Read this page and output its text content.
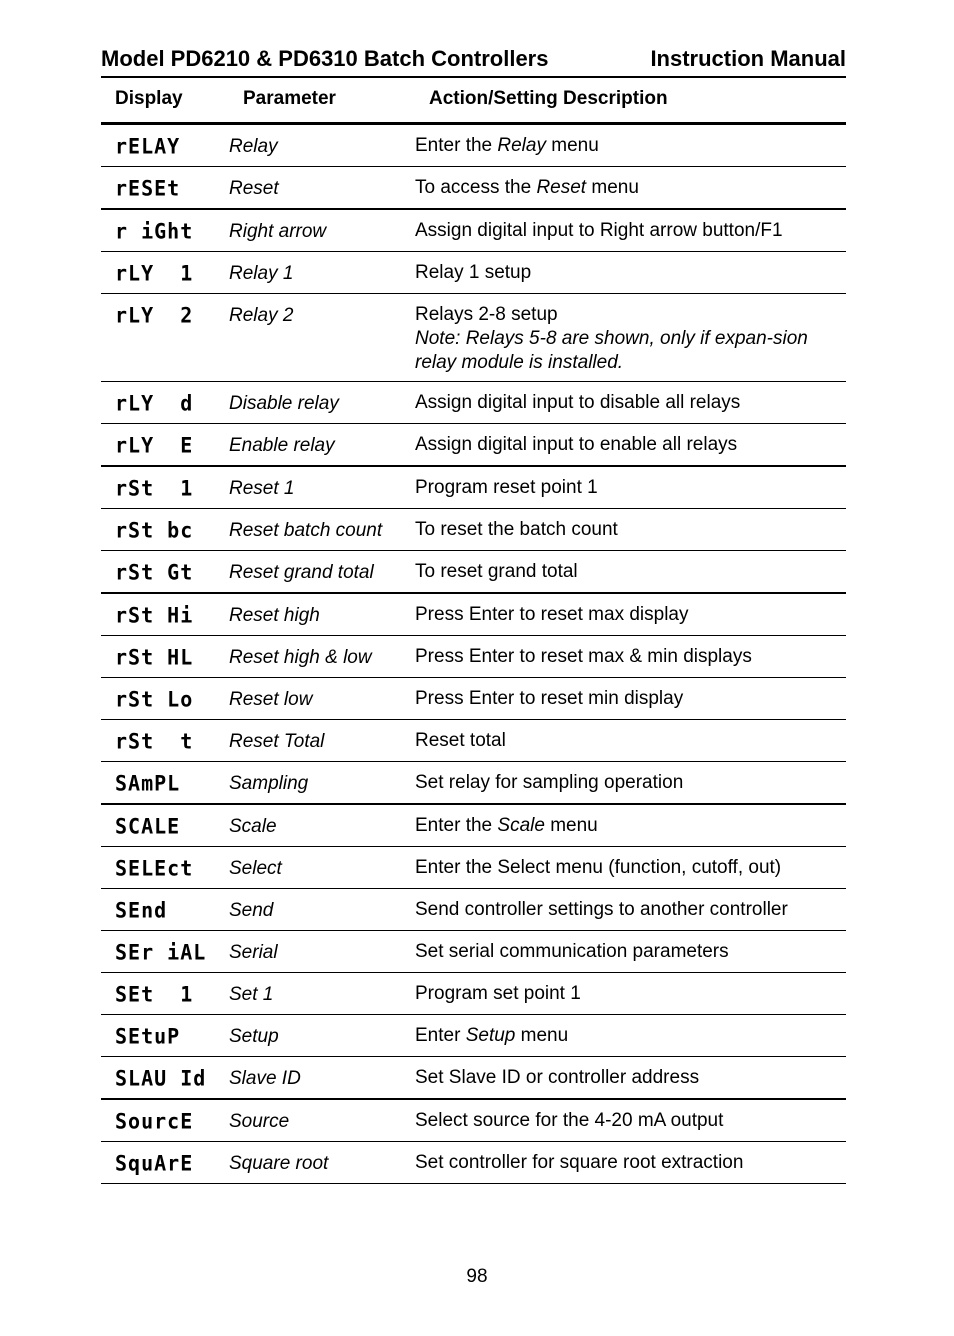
Model PD6210 & PD6310 Batch Controllers	Instruction Manual
Display	Parameter	Action/Setting Description
rELAY	Relay	Enter the Relay menu
rESEt	Reset	To access the Reset menu
r iGht	Right arrow	Assign digital input to Right arrow button/F1
rLY  1	Relay 1	Relay 1 setup
rLY  2	Relay 2	Relays 2-8 setup
Note: Relays 5-8 are shown, only if expan-sion relay module is installed.
rLY  d	Disable relay	Assign digital input to disable all relays
rLY  E	Enable relay	Assign digital input to enable all relays
rSt  1	Reset 1	Program reset point 1
rSt bc	Reset batch count	To reset the batch count
rSt Gt	Reset grand total	To reset grand total
rSt Hi	Reset high	Press Enter to reset max display
rSt HL	Reset high & low	Press Enter to reset max & min displays
rSt Lo	Reset low	Press Enter to reset min display
rSt  t	Reset Total	Reset total
SAmPL	Sampling	Set relay for sampling operation
SCALE	Scale	Enter the Scale menu
SELEct	Select	Enter the Select menu (function, cutoff, out)
SEnd	Send	Send controller settings to another controller
SEr iAL	Serial	Set serial communication parameters
SEt  1	Set 1	Program set point 1
SEtuP	Setup	Enter Setup menu
SLAU Id	Slave ID	Set Slave ID or controller address
SourcE	Source	Select source for the 4-20 mA output
SquArE	Square root	Set controller for square root extraction
98
